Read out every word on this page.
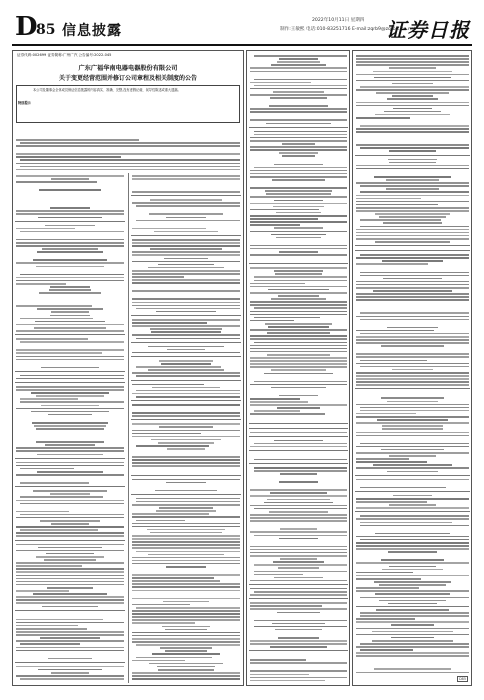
D
85 信息披露
2022年10月11日 星期四
制作:王敏熙 电话:010-83251716 E-mail:zqrb9@zqrb.sina.net
证券日报
证券代码:002699 证券简称:广州广汽 公告编号:2022-045
广东广福华南电器电器股份有限公司
关于变更经营范围并修订公司章程及相关制度的公告
特别提示
本公司及董事会全体成员保证信息披露的内容真实、准确、完整,没有虚假记载、误导性陈述或重大遗漏。
D85
